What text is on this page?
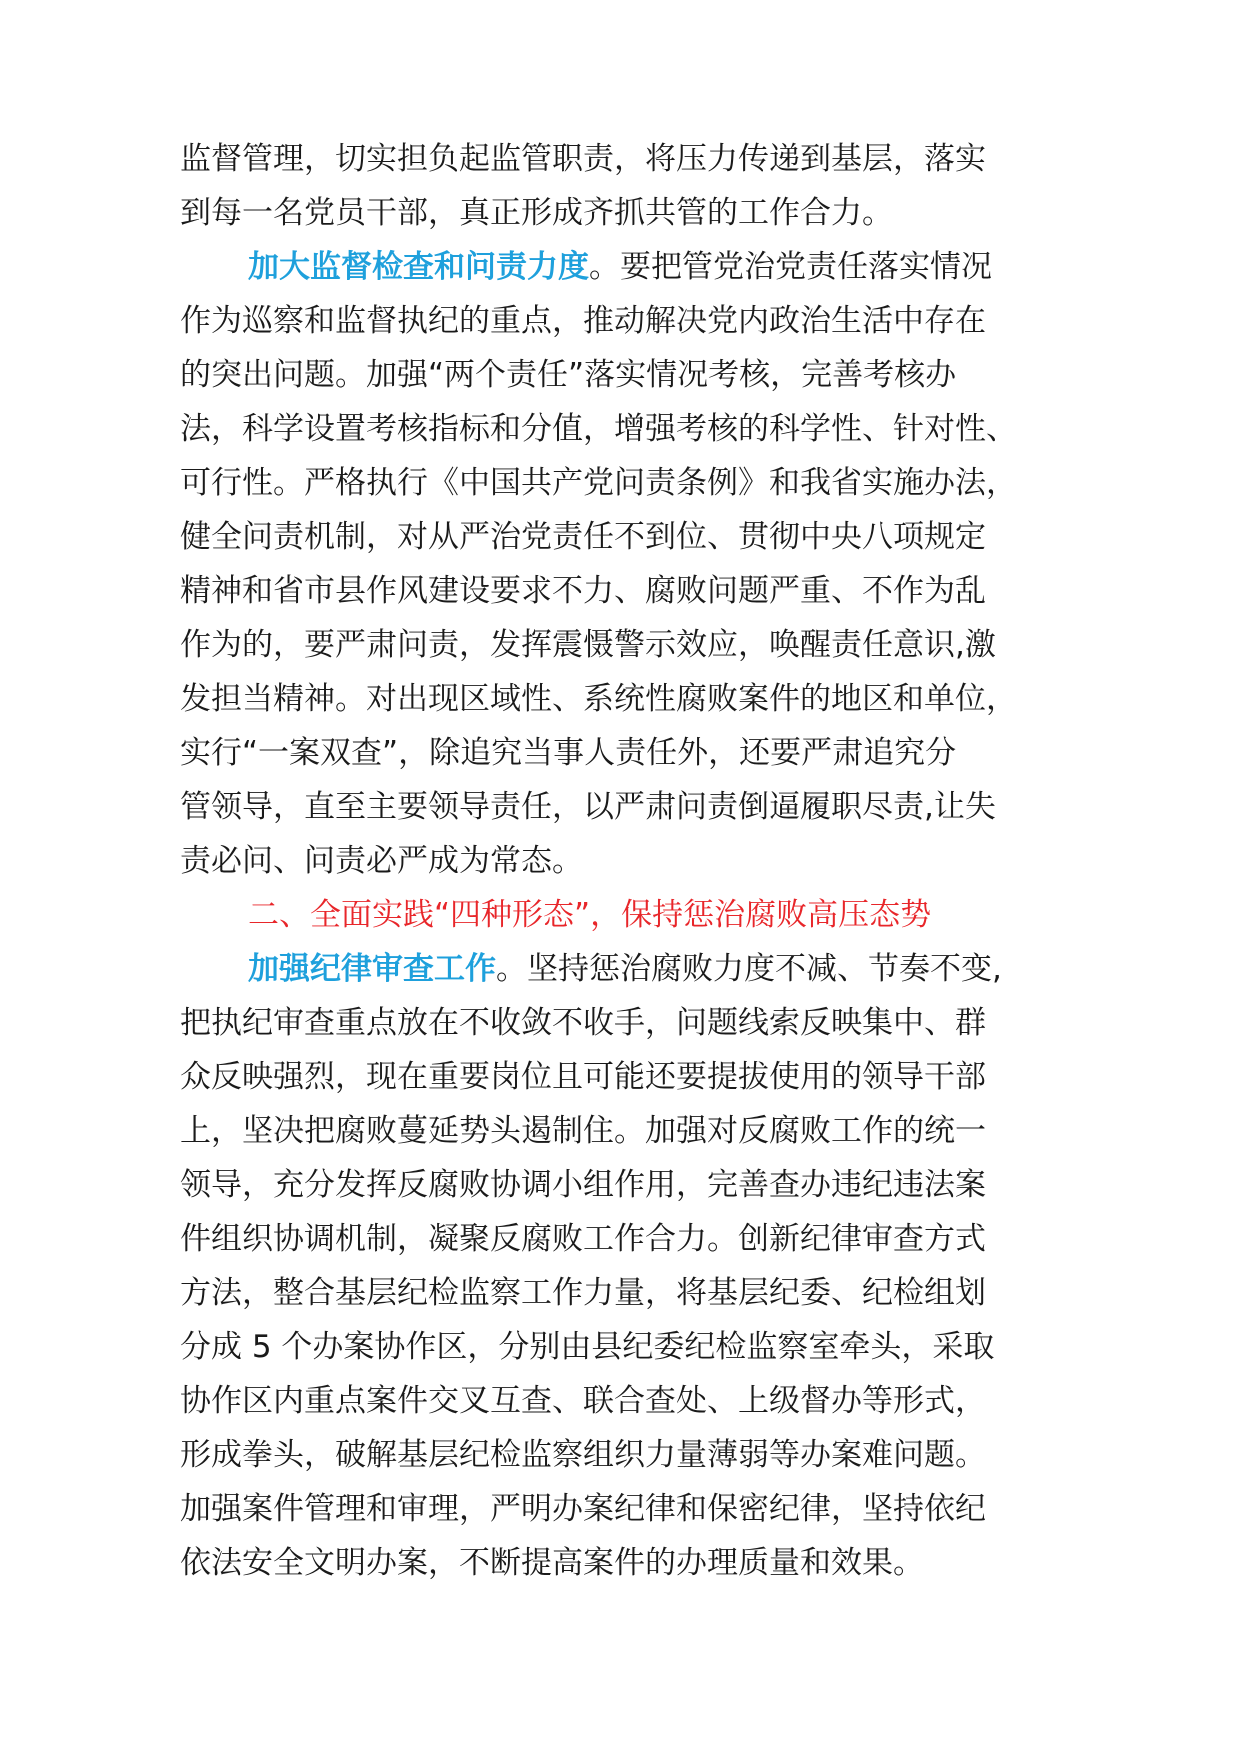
监督管理，切实担负起监管职责，将压力传递到基层，落实
到每一名党员干部，真正形成齐抓共管的工作合力。
加大监督检查和问责力度。要把管党治党责任落实情况
作为巡察和监督执纪的重点，推动解决党内政治生活中存在
的突出问题。加强“两个责任”落实情况考核，完善考核办
法，科学设置考核指标和分值，增强考核的科学性、针对性、
可行性。严格执行《中国共产党问责条例》和我省实施办法，
健全问责机制，对从严治党责任不到位、贯彻中央八项规定
精神和省市县作风建设要求不力、腐败问题严重、不作为乱
作为的，要严肃问责，发挥震慑警示效应，唤醒责任意识,激
发担当精神。对出现区域性、系统性腐败案件的地区和单位，
实行“一案双查”，除追究当事人责任外，还要严肃追究分
管领导，直至主要领导责任，以严肃问责倒逼履职尽责,让失
责必问、问责必严成为常态。
二、全面实践“四种形态”，保持惩治腐败高压态势
加强纪律审查工作。坚持惩治腐败力度不减、节奏不变,
把执纪审查重点放在不收敛不收手，问题线索反映集中、群
众反映强烈，现在重要岗位且可能还要提拔使用的领导干部
上，坚决把腐败蔓延势头遏制住。加强对反腐败工作的统一
领导，充分发挥反腐败协调小组作用，完善查办违纪违法案
件组织协调机制，凝聚反腐败工作合力。创新纪律审查方式
方法，整合基层纪检监察工作力量，将基层纪委、纪检组划
分成 5 个办案协作区，分别由县纪委纪检监察室牵头，采取
协作区内重点案件交叉互查、联合查处、上级督办等形式，
形成拳头，破解基层纪检监察组织力量薄弱等办案难问题。
加强案件管理和审理，严明办案纪律和保密纪律，坚持依纪
依法安全文明办案，不断提高案件的办理质量和效果。
